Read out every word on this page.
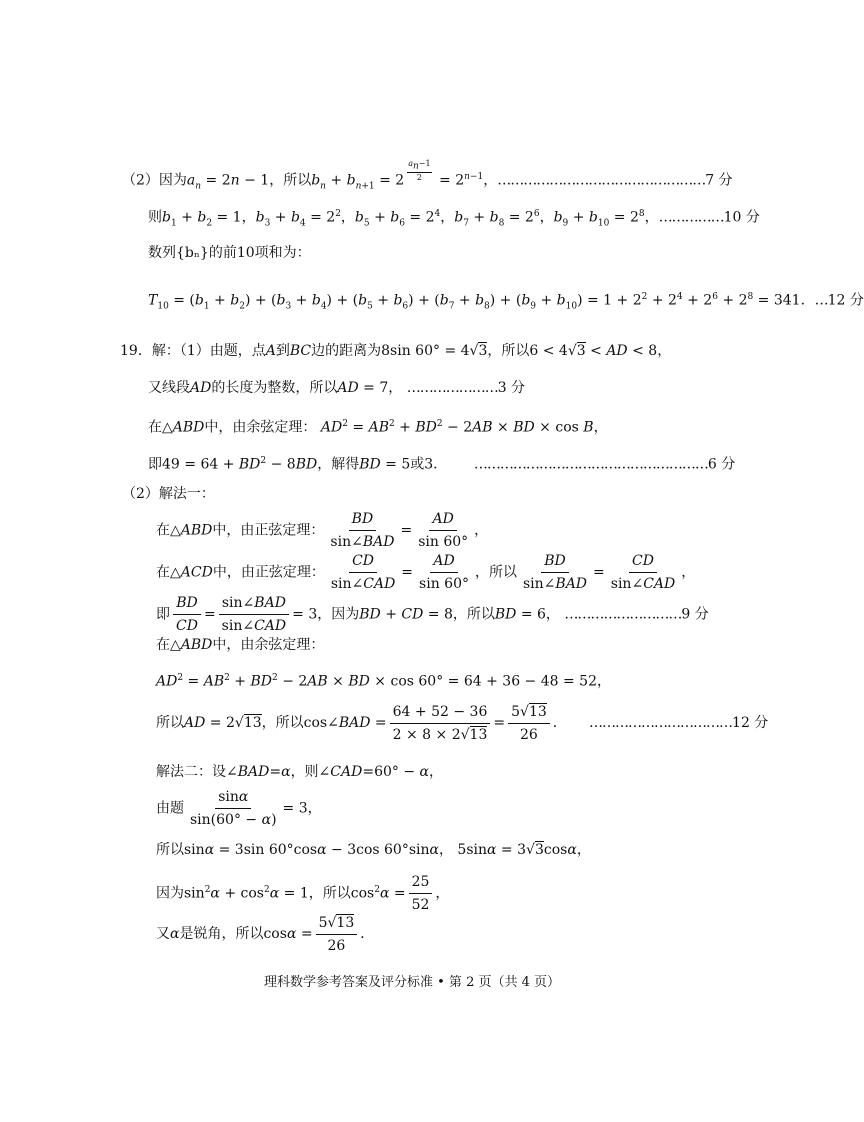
（2）因为$a_n = 2n - 1$，所以$b_n + b_{n+1} = 2$ $^{\frac{a_n-1}{2}} = 2^{n-1}$，…………………………………………7 分
则$b_1 + b_2 = 1$，$b_3 + b_4 = 2^2$，$b_5 + b_6 = 2^4$，$b_7 + b_8 = 2^6$，$b_9 + b_{10} = 2^8$，……………10 分
数列{bₙ}的前10项和为：
$T_{10} = (b_1 + b_2) + (b_3 + b_4) + (b_5 + b_6) + (b_7 + b_8) + (b_9 + b_{10}) = 1 + 2^2 + 2^4 + 2^6 + 2^8 = 341$．…12 分
19．解：（1）由题，点A到BC边的距离为8sin 60° = 4√3，所以6 < 4√3 < AD < 8，
又线段AD的长度为整数，所以AD = 7， …………………3 分
在△ABD中，由余弦定理： $AD^2 = AB^2 + BD^2 - 2AB$ × BD × cos B，
即$49 = 64 + BD^2 - 8BD$，解得BD = 5或3． ………………………………………………6 分
（2）解法一：
在△ABD中，由正弦定理： $\frac{BD}{\text{sin∠BAD}} = \frac{AD}{\sin 60^\circ}$ ，
在△ACD中，由正弦定理： $\frac{CD}{\text{sin∠CAD}} = \frac{AD}{\sin 60^\circ}$ ，所以 $\frac{BD}{\text{sin∠BAD}} = \frac{CD}{\text{sin∠CAD}}$ ，
即 $\frac{BD}{CD} = \frac{\text{sin∠BAD}}{\text{sin∠CAD}} = 3$，因为BD + CD = 8，所以BD = 6， ………………………9 分
在△ABD中，由余弦定理：
$AD^2 = AB^2 + BD^2 - 2AB$ × BD × cos 60° = 64 + 36 − 48 = 52，
所以AD = 2√13，所以cos∠BAD = $\frac{64 + 52 - 36}{2 \times 8 \times 2√13} = \frac{5√13}{26}$ ．     ……………………………12 分
解法二：设∠BAD=α，则∠CAD=60° − α，
由题 $\frac{\sin\alpha}{\sin(60^\circ - \alpha)} = 3$，
所以sinα = 3sin 60°cosα − 3cos 60°sinα， 5sinα = 3√3cosα，
因为$\sin^2\alpha + \cos^2\alpha = 1$，所以$\cos^2\alpha = \frac{25}{52}$ ，
又α是锐角，所以$\cos\alpha = \frac{5√13}{26}$ ．
理科数学参考答案及评分标准 • 第 2 页（共 4 页）
